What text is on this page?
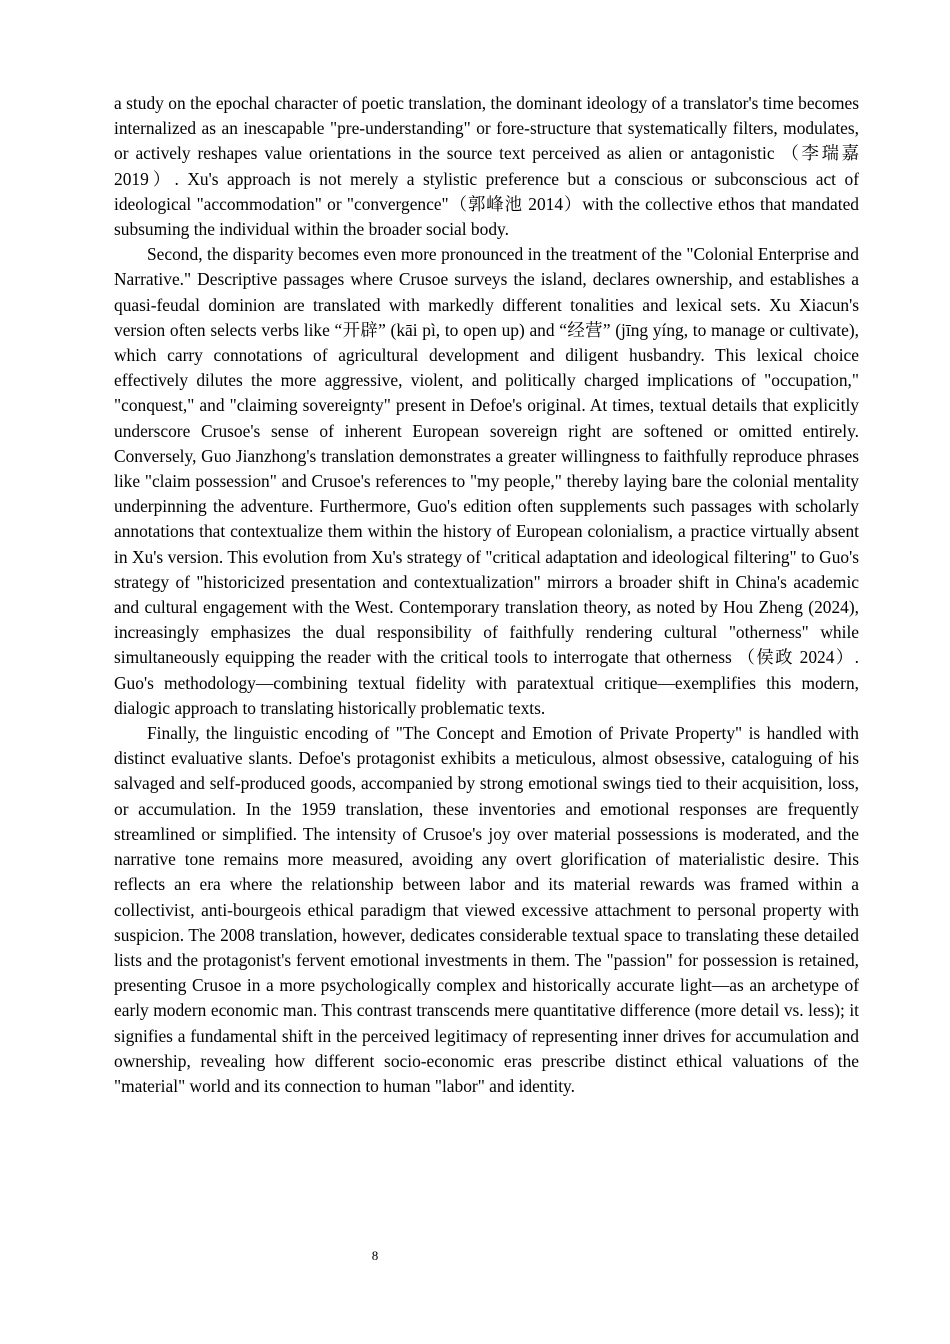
a study on the epochal character of poetic translation, the dominant ideology of a translator's time becomes internalized as an inescapable "pre-understanding" or fore-structure that systematically filters, modulates, or actively reshapes value orientations in the source text perceived as alien or antagonistic （李瑞嘉 2019）. Xu's approach is not merely a stylistic preference but a conscious or subconscious act of ideological "accommodation" or "convergence"（郭峰池 2014）with the collective ethos that mandated subsuming the individual within the broader social body.

Second, the disparity becomes even more pronounced in the treatment of the "Colonial Enterprise and Narrative." Descriptive passages where Crusoe surveys the island, declares ownership, and establishes a quasi-feudal dominion are translated with markedly different tonalities and lexical sets. Xu Xiacun's version often selects verbs like “开辟” (kāi pì, to open up) and “经营” (jīng yíng, to manage or cultivate), which carry connotations of agricultural development and diligent husbandry. This lexical choice effectively dilutes the more aggressive, violent, and politically charged implications of "occupation," "conquest," and "claiming sovereignty" present in Defoe's original. At times, textual details that explicitly underscore Crusoe's sense of inherent European sovereign right are softened or omitted entirely. Conversely, Guo Jianzhong's translation demonstrates a greater willingness to faithfully reproduce phrases like "claim possession" and Crusoe's references to "my people," thereby laying bare the colonial mentality underpinning the adventure. Furthermore, Guo's edition often supplements such passages with scholarly annotations that contextualize them within the history of European colonialism, a practice virtually absent in Xu's version. This evolution from Xu's strategy of "critical adaptation and ideological filtering" to Guo's strategy of "historicized presentation and contextualization" mirrors a broader shift in China's academic and cultural engagement with the West. Contemporary translation theory, as noted by Hou Zheng (2024), increasingly emphasizes the dual responsibility of faithfully rendering cultural "otherness" while simultaneously equipping the reader with the critical tools to interrogate that otherness （侯政 2024）. Guo's methodology—combining textual fidelity with paratextual critique—exemplifies this modern, dialogic approach to translating historically problematic texts.

Finally, the linguistic encoding of "The Concept and Emotion of Private Property" is handled with distinct evaluative slants. Defoe's protagonist exhibits a meticulous, almost obsessive, cataloguing of his salvaged and self-produced goods, accompanied by strong emotional swings tied to their acquisition, loss, or accumulation. In the 1959 translation, these inventories and emotional responses are frequently streamlined or simplified. The intensity of Crusoe's joy over material possessions is moderated, and the narrative tone remains more measured, avoiding any overt glorification of materialistic desire. This reflects an era where the relationship between labor and its material rewards was framed within a collectivist, anti-bourgeois ethical paradigm that viewed excessive attachment to personal property with suspicion. The 2008 translation, however, dedicates considerable textual space to translating these detailed lists and the protagonist's fervent emotional investments in them. The "passion" for possession is retained, presenting Crusoe in a more psychologically complex and historically accurate light—as an archetype of early modern economic man. This contrast transcends mere quantitative difference (more detail vs. less); it signifies a fundamental shift in the perceived legitimacy of representing inner drives for accumulation and ownership, revealing how different socio-economic eras prescribe distinct ethical valuations of the "material" world and its connection to human "labor" and identity.

8
